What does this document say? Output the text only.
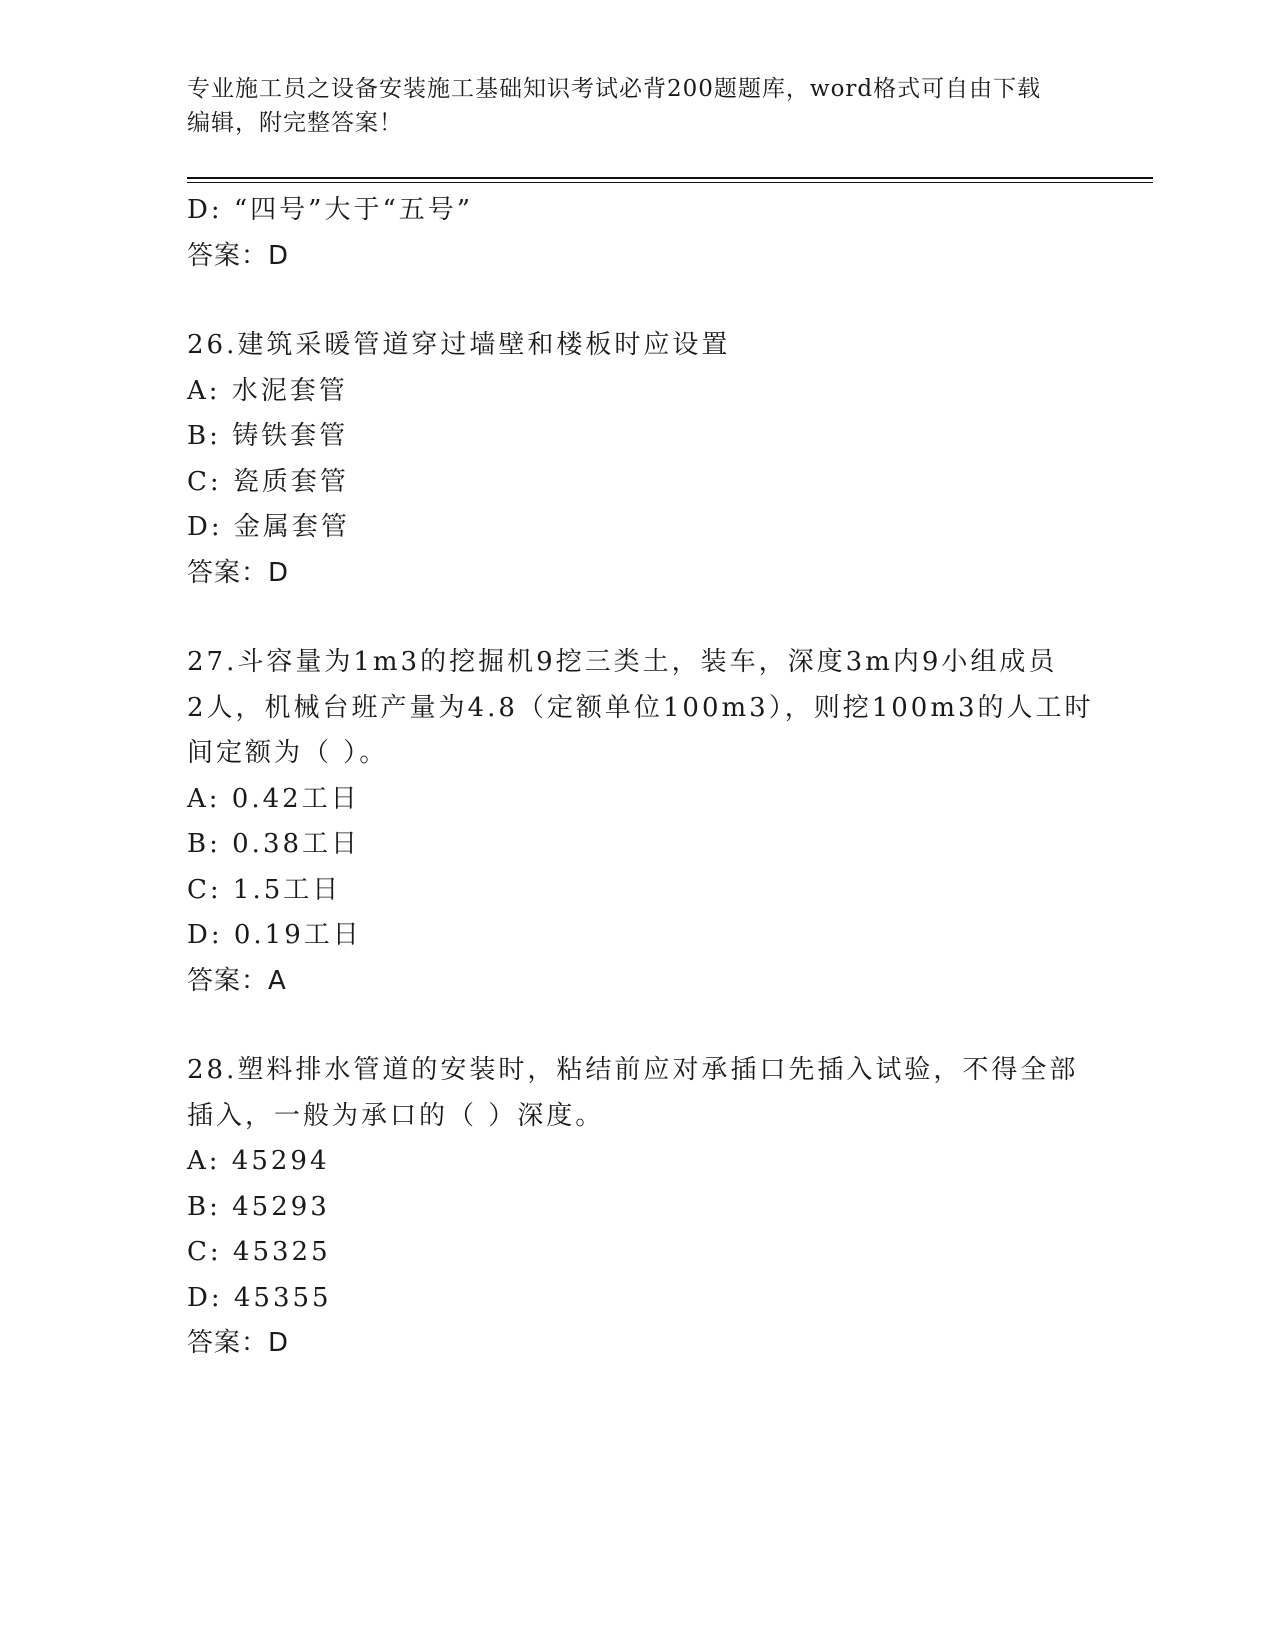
专业施工员之设备安装施工基础知识考试必背200题题库，word格式可自由下载
编辑，附完整答案！
D: “四号”大于“五号”
答案：D
26.建筑采暖管道穿过墙壁和楼板时应设置
A: 水泥套管
B: 铸铁套管
C: 瓷质套管
D: 金属套管
答案：D
27.斗容量为1m3的挖掘机9挖三类土，装车，深度3m内9小组成员
2人，机械台班产量为4.8（定额单位100m3），则挖100m3的人工时
间定额为（ ）。
A: 0.42工日
B: 0.38工日
C: 1.5工日
D: 0.19工日
答案：A
28.塑料排水管道的安装时，粘结前应对承插口先插入试验，不得全部
插入，一般为承口的（ ）深度。
A: 45294
B: 45293
C: 45325
D: 45355
答案：D
